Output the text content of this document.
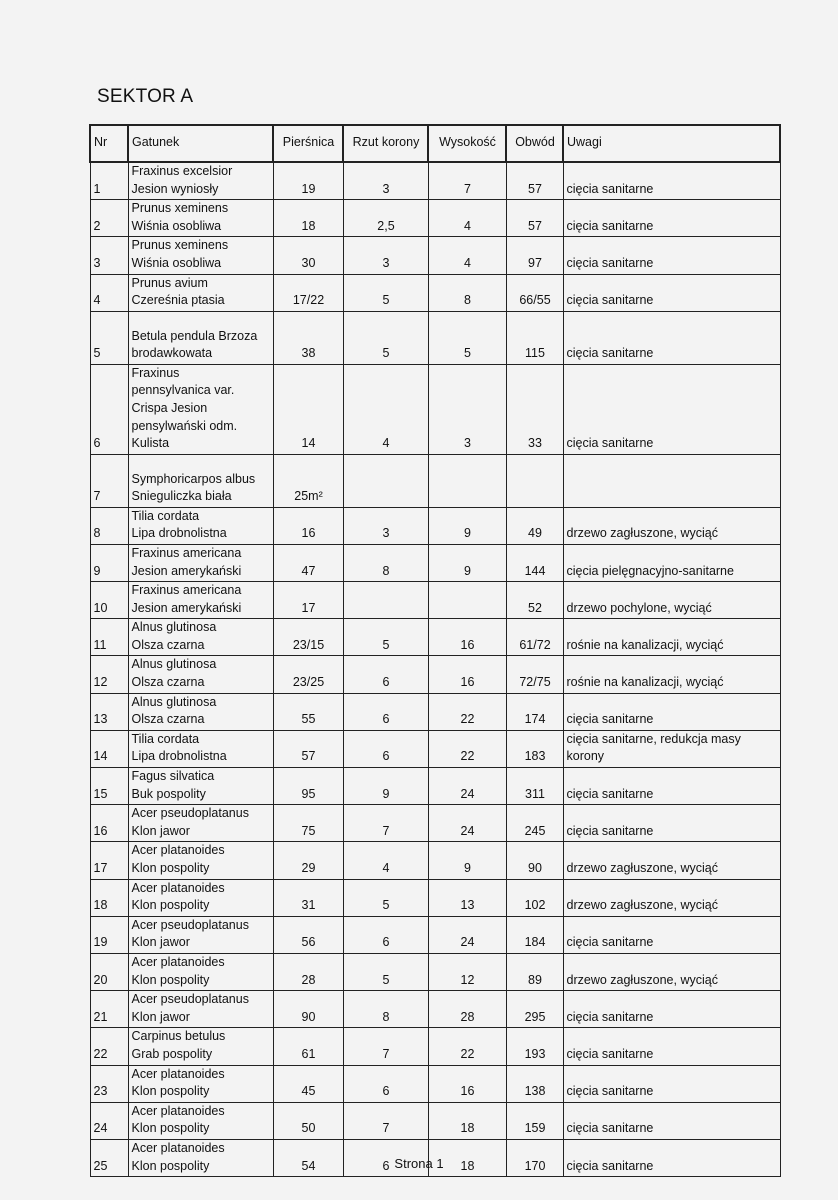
SEKTOR A
Nr	Gatunek	Pierśnica	Rzut korony	Wysokość	Obwód	Uwagi
1	Fraxinus excelsior
Jesion wyniosły	19	3	7	57	cięcia sanitarne
2	Prunus xeminens
Wiśnia osobliwa	18	2,5	4	57	cięcia sanitarne
3	Prunus xeminens
Wiśnia osobliwa	30	3	4	97	cięcia sanitarne
4	Prunus avium
Czereśnia ptasia	17/22	5	8	66/55	cięcia sanitarne
5	Betula pendula Brzoza
brodawkowata	38	5	5	115	cięcia sanitarne
6	Fraxinus
pennsylvanica var.
Crispa Jesion
pensylwański odm.
Kulista	14	4	3	33	cięcia sanitarne
7	Symphoricarpos albus
Snieguliczka biała	25m²				
8	Tilia cordata
Lipa drobnolistna	16	3	9	49	drzewo zagłuszone, wyciąć
9	Fraxinus americana
Jesion amerykański	47	8	9	144	cięcia pielęgnacyjno-sanitarne
10	Fraxinus americana
Jesion amerykański	17			52	drzewo pochylone, wyciąć
11	Alnus glutinosa
Olsza czarna	23/15	5	16	61/72	rośnie na kanalizacji, wyciąć
12	Alnus glutinosa
Olsza czarna	23/25	6	16	72/75	rośnie na kanalizacji, wyciąć
13	Alnus glutinosa
Olsza czarna	55	6	22	174	cięcia sanitarne
14	Tilia cordata
Lipa drobnolistna	57	6	22	183	cięcia sanitarne, redukcja masy korony
15	Fagus silvatica
Buk pospolity	95	9	24	311	cięcia sanitarne
16	Acer pseudoplatanus
Klon jawor	75	7	24	245	cięcia sanitarne
17	Acer platanoides
Klon pospolity	29	4	9	90	drzewo zagłuszone, wyciąć
18	Acer platanoides
Klon pospolity	31	5	13	102	drzewo zagłuszone, wyciąć
19	Acer pseudoplatanus
Klon jawor	56	6	24	184	cięcia sanitarne
20	Acer platanoides
Klon pospolity	28	5	12	89	drzewo zagłuszone, wyciąć
21	Acer pseudoplatanus
Klon jawor	90	8	28	295	cięcia sanitarne
22	Carpinus betulus
Grab pospolity	61	7	22	193	cięcia sanitarne
23	Acer platanoides
Klon pospolity	45	6	16	138	cięcia sanitarne
24	Acer platanoides
Klon pospolity	50	7	18	159	cięcia sanitarne
25	Acer platanoides
Klon pospolity	54	6	18	170	cięcia sanitarne
Strona 1
